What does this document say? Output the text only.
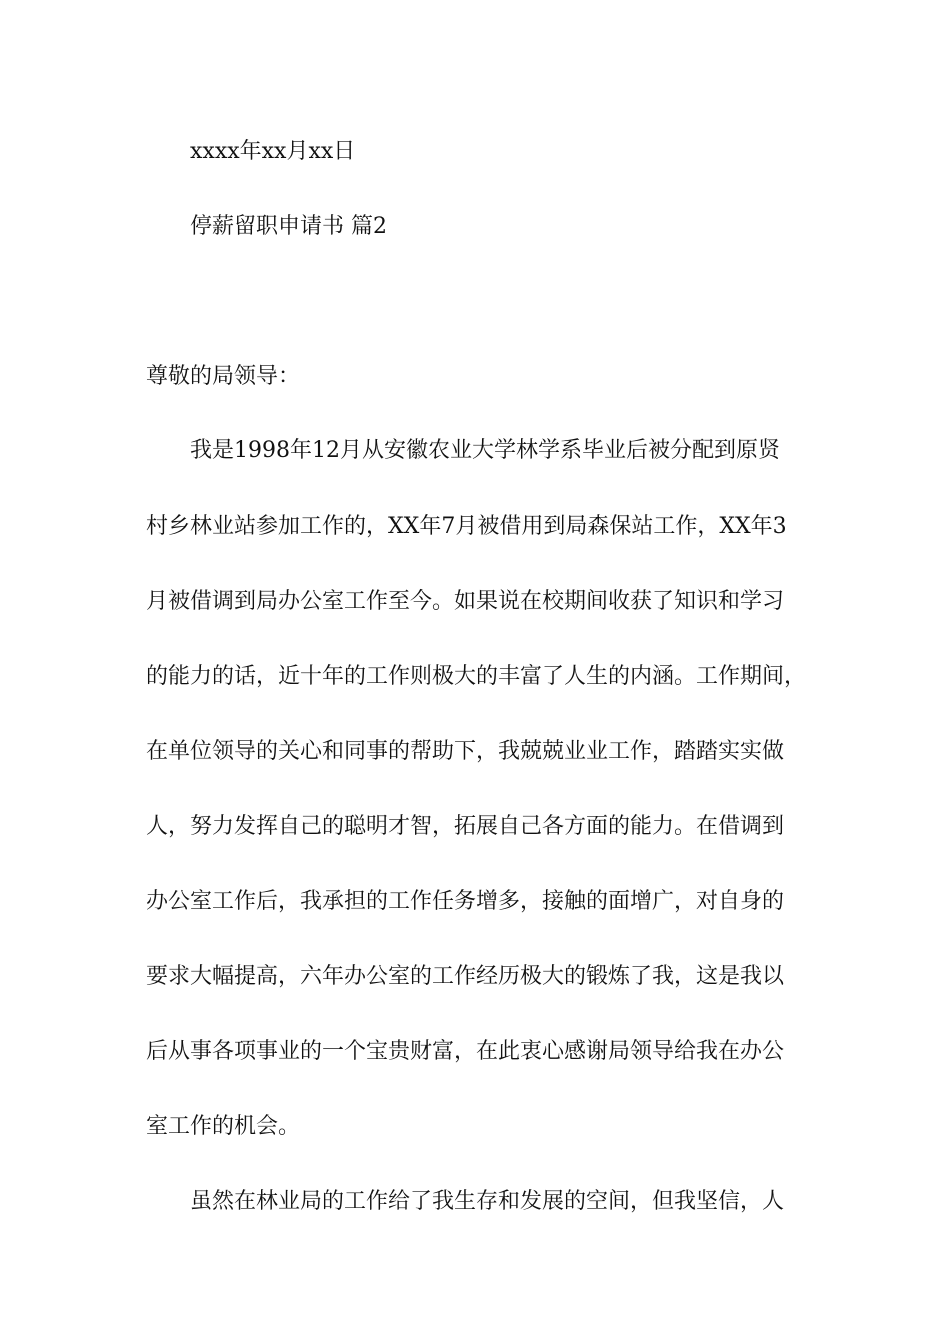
xxxx年xx月xx日
停薪留职申请书 篇2
尊敬的局领导：
我是1998年12月从安徽农业大学林学系毕业后被分配到原贤
村乡林业站参加工作的，XX年7月被借用到局森保站工作，XX年3
月被借调到局办公室工作至今。如果说在校期间收获了知识和学习
的能力的话，近十年的工作则极大的丰富了人生的内涵。工作期间，
在单位领导的关心和同事的帮助下，我兢兢业业工作，踏踏实实做
人，努力发挥自己的聪明才智，拓展自己各方面的能力。在借调到
办公室工作后，我承担的工作任务增多，接触的面增广，对自身的
要求大幅提高，六年办公室的工作经历极大的锻炼了我，这是我以
后从事各项事业的一个宝贵财富，在此衷心感谢局领导给我在办公
室工作的机会。
虽然在林业局的工作给了我生存和发展的空间，但我坚信，人
